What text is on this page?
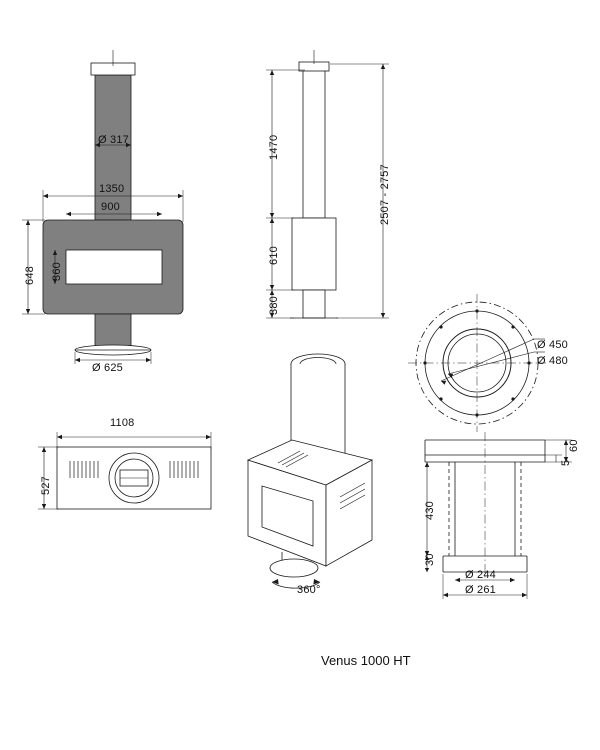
Ø 317
1350
900
648 360
Ø 625
1470
610
380
2507 - 2757
1108
527
Ø 450
Ø 480
360°
430
30
60
5
Ø 244
Ø 261
Venus 1000 HT
